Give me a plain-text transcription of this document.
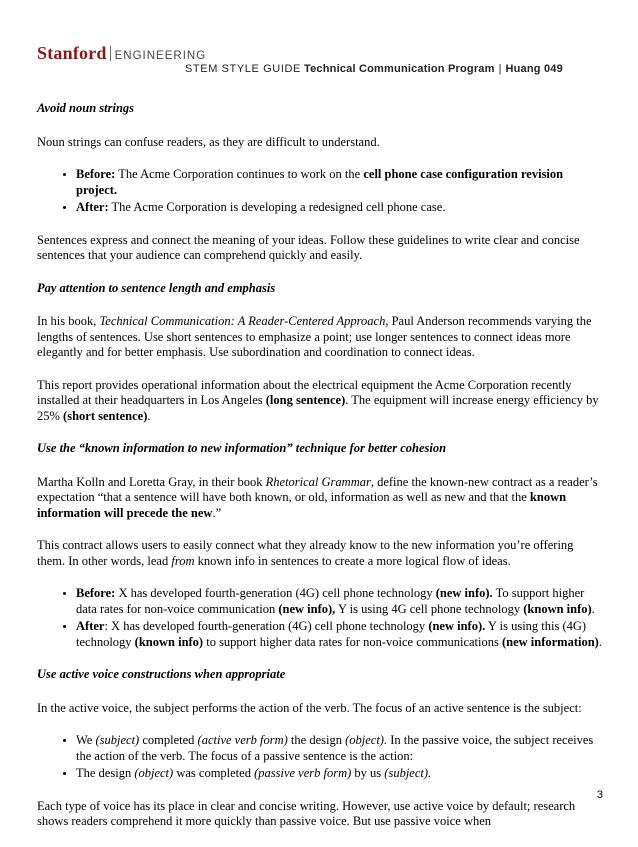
Stanford ENGINEERING
STEM STYLE GUIDE Technical Communication Program | Huang 049
Avoid noun strings

Noun strings can confuse readers, as they are difficult to understand.

• Before: The Acme Corporation continues to work on the cell phone case configuration revision project.
• After: The Acme Corporation is developing a redesigned cell phone case.

Sentences express and connect the meaning of your ideas. Follow these guidelines to write clear and concise sentences that your audience can comprehend quickly and easily.

Pay attention to sentence length and emphasis

In his book, Technical Communication: A Reader-Centered Approach, Paul Anderson recommends varying the lengths of sentences. Use short sentences to emphasize a point; use longer sentences to connect ideas more elegantly and for better emphasis. Use subordination and coordination to connect ideas.

This report provides operational information about the electrical equipment the Acme Corporation recently installed at their headquarters in Los Angeles (long sentence). The equipment will increase energy efficiency by 25% (short sentence).

Use the “known information to new information” technique for better cohesion

Martha Kolln and Loretta Gray, in their book Rhetorical Grammar, define the known-new contract as a reader’s expectation “that a sentence will have both known, or old, information as well as new and that the known information will precede the new.”

This contract allows users to easily connect what they already know to the new information you’re offering them. In other words, lead from known info in sentences to create a more logical flow of ideas.

• Before: X has developed fourth-generation (4G) cell phone technology (new info). To support higher data rates for non-voice communication (new info), Y is using 4G cell phone technology (known info).
• After: X has developed fourth-generation (4G) cell phone technology (new info). Y is using this (4G) technology (known info) to support higher data rates for non-voice communications (new information).
Use active voice constructions when appropriate

In the active voice, the subject performs the action of the verb. The focus of an active sentence is the subject:

• We (subject) completed (active verb form) the design (object). In the passive voice, the subject receives the action of the verb. The focus of a passive sentence is the action:
• The design (object) was completed (passive verb form) by us (subject).

Each type of voice has its place in clear and concise writing. However, use active voice by default; research shows readers comprehend it more quickly than passive voice. But use passive voice when

3
